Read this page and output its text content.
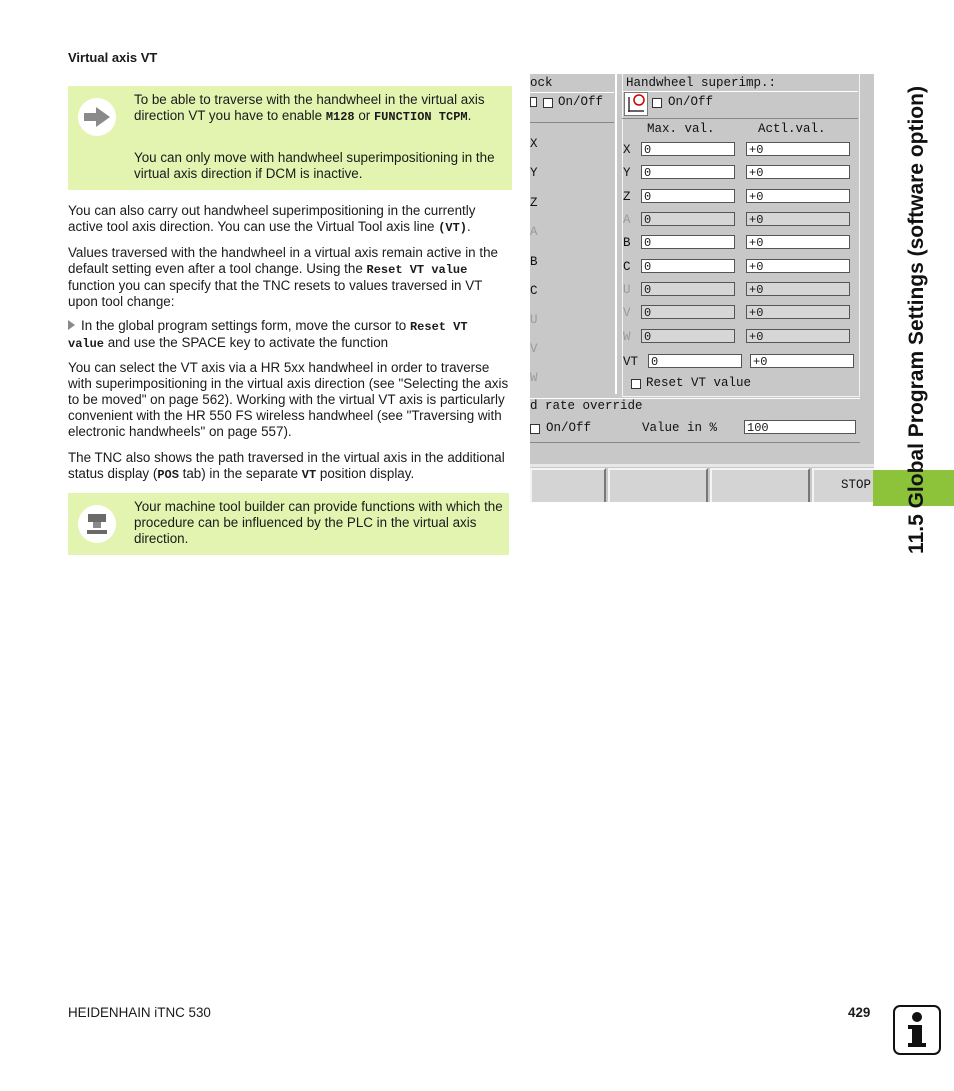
Virtual axis VT

To be able to traverse with the handwheel in the virtual axis direction VT you have to enable M128 or FUNCTION TCPM.

You can only move with handwheel superimpositioning in the virtual axis direction if DCM is inactive.

You can also carry out handwheel superimpositioning in the currently active tool axis direction. You can use the Virtual Tool axis line (VT).

Values traversed with the handwheel in a virtual axis remain active in the default setting even after a tool change. Using the Reset VT value function you can specify that the TNC resets to values traversed in VT upon tool change:

In the global program settings form, move the cursor to Reset VT value and use the SPACE key to activate the function

You can select the VT axis via a HR 5xx handwheel in order to traverse with superimpositioning in the virtual axis direction (see "Selecting the axis to be moved" on page 562). Working with the virtual VT axis is particularly convenient with the HR 550 FS wireless handwheel (see "Traversing with electronic handwheels" on page 557).

The TNC also shows the path traversed in the virtual axis in the additional status display (POS tab) in the separate VT position display.

Your machine tool builder can provide functions with which the procedure can be influenced by the PLC in the virtual axis direction.

ock
On/Off
X
Y
Z
A
B
C
U
V
W
Handwheel superimp.:
On/Off
Max. val.	Actl.val.
X 0	+0
Y 0	+0
Z 0	+0
A 0	+0
B 0	+0
C 0	+0
U 0	+0
V 0	+0
W 0	+0
VT 0	+0
Reset VT value
d rate override
On/Off	Value in % 100
STOP 11.5 Global Program Settings (software option)
HEIDENHAIN iTNC 530	429
